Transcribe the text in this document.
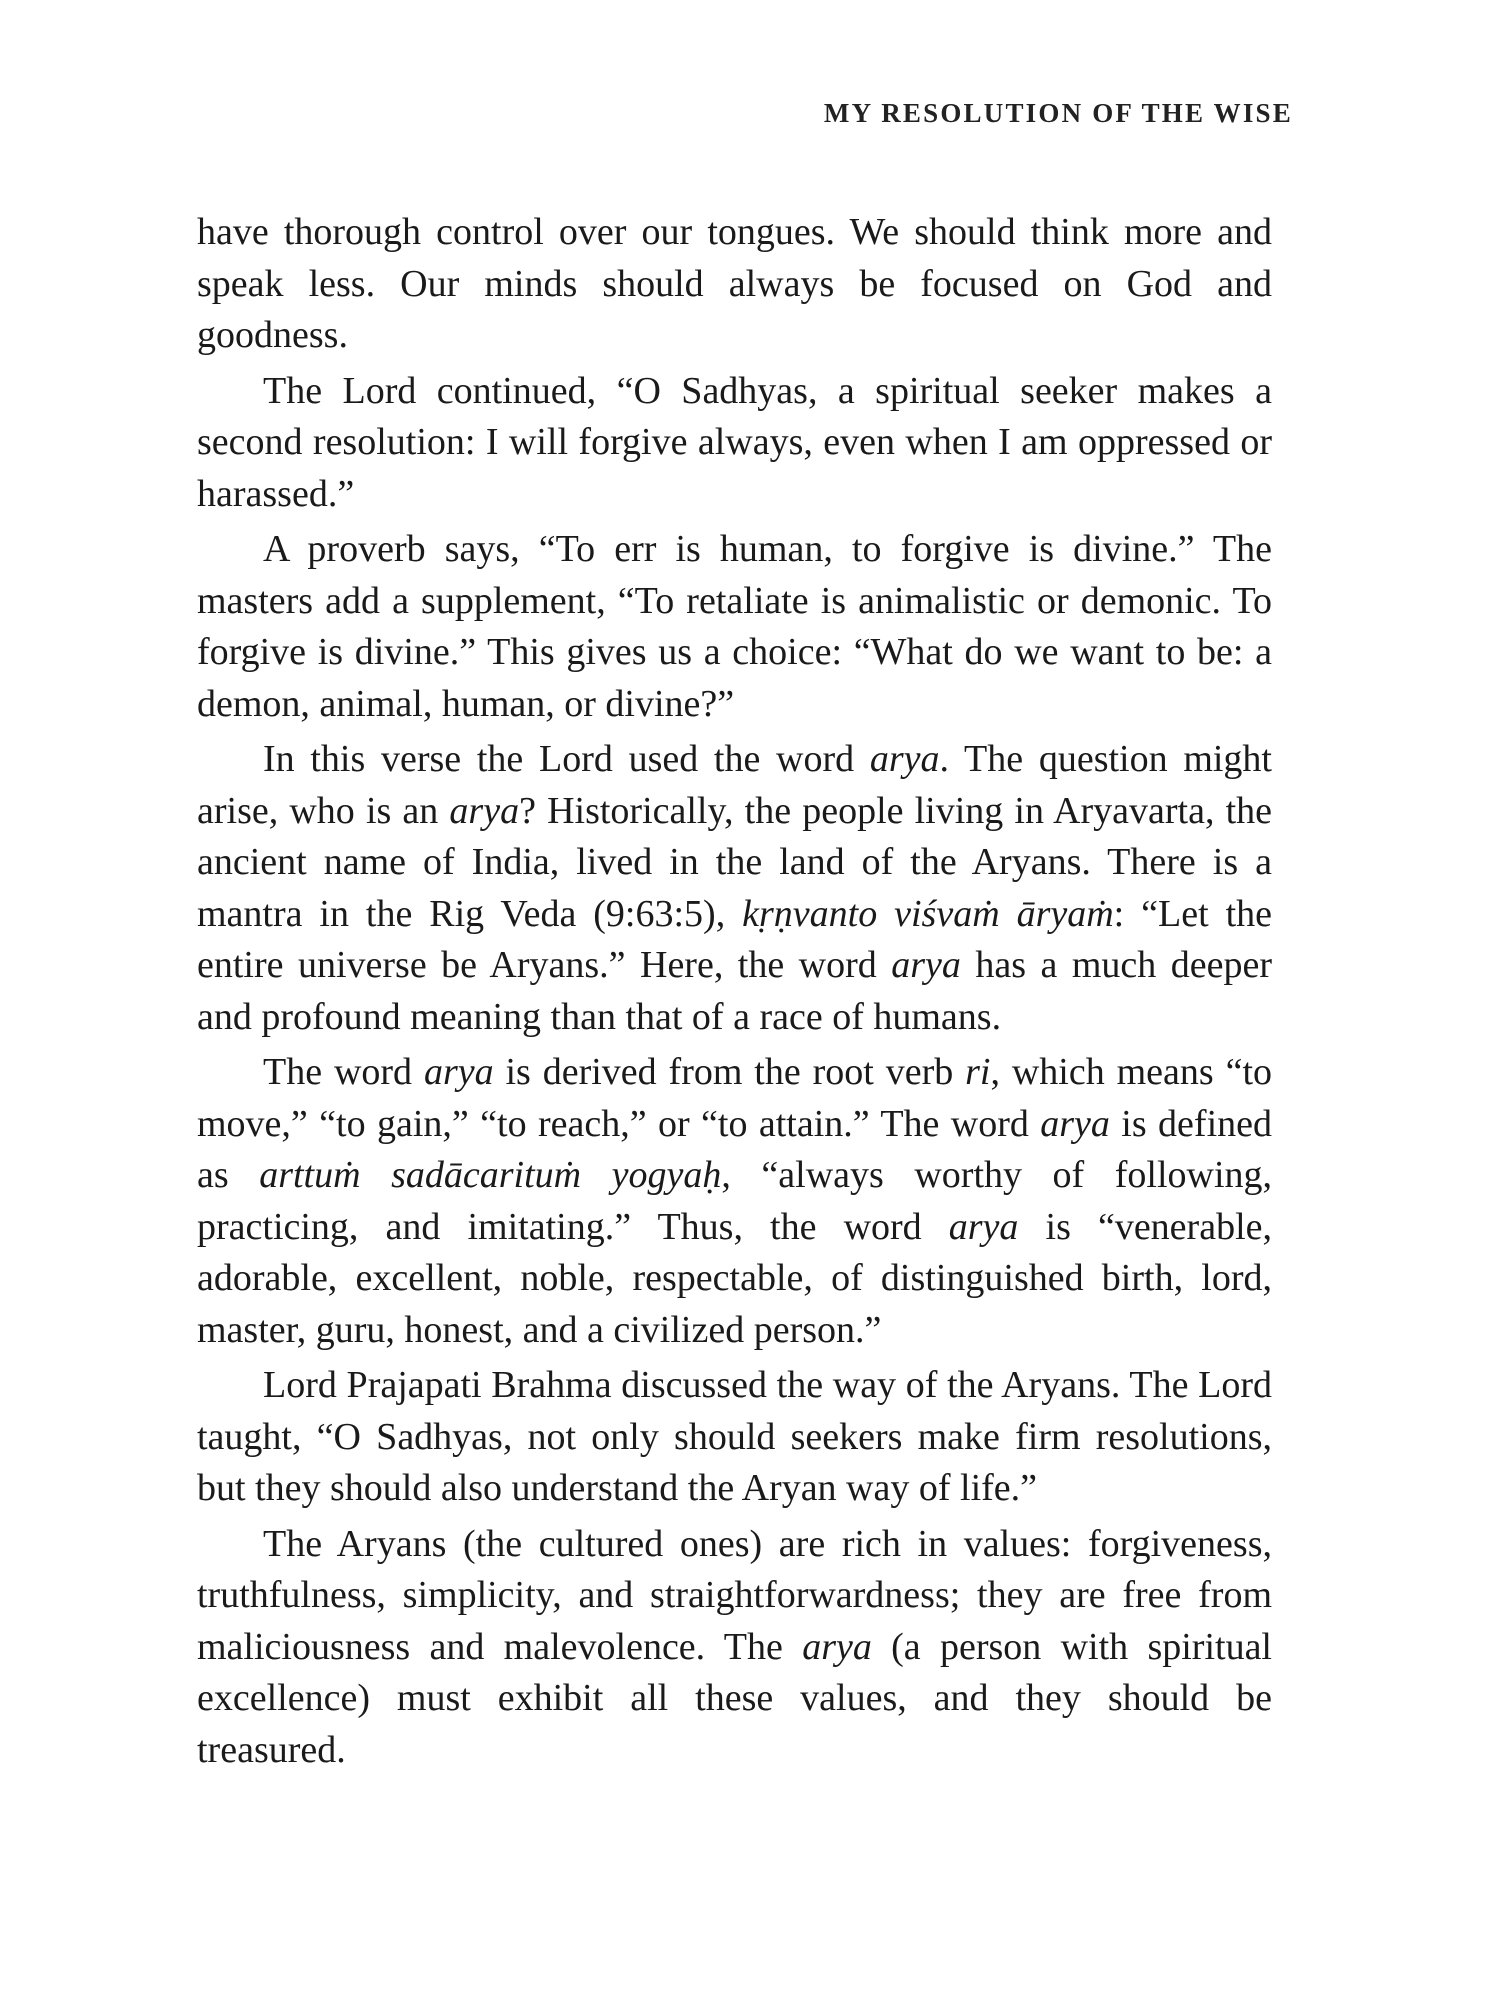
MY RESOLUTION OF THE WISE

have thorough control over our tongues. We should think more and speak less. Our minds should always be focused on God and goodness.

The Lord continued, “O Sadhyas, a spiritual seeker makes a second resolution: I will forgive always, even when I am oppressed or harassed.”

A proverb says, “To err is human, to forgive is divine.” The masters add a supplement, “To retaliate is animalistic or demonic. To forgive is divine.” This gives us a choice: “What do we want to be: a demon, animal, human, or divine?”

In this verse the Lord used the word arya. The question might arise, who is an arya? Historically, the people living in Aryavarta, the ancient name of India, lived in the land of the Aryans. There is a mantra in the Rig Veda (9:63:5), kṛṇvanto viśvaṁ āryaṁ: “Let the entire universe be Aryans.” Here, the word arya has a much deeper and profound meaning than that of a race of humans.

The word arya is derived from the root verb ri, which means “to move,” “to gain,” “to reach,” or “to attain.” The word arya is defined as arttuṁ sadācarituṁ yogyaḥ, “always worthy of following, practicing, and imitating.” Thus, the word arya is “venerable, adorable, excellent, noble, respectable, of distinguished birth, lord, master, guru, honest, and a civilized person.”

Lord Prajapati Brahma discussed the way of the Aryans. The Lord taught, “O Sadhyas, not only should seekers make firm resolutions, but they should also understand the Aryan way of life.”

The Aryans (the cultured ones) are rich in values: forgiveness, truthfulness, simplicity, and straightforwardness; they are free from maliciousness and malevolence. The arya (a person with spiritual excellence) must exhibit all these values, and they should be treasured.
